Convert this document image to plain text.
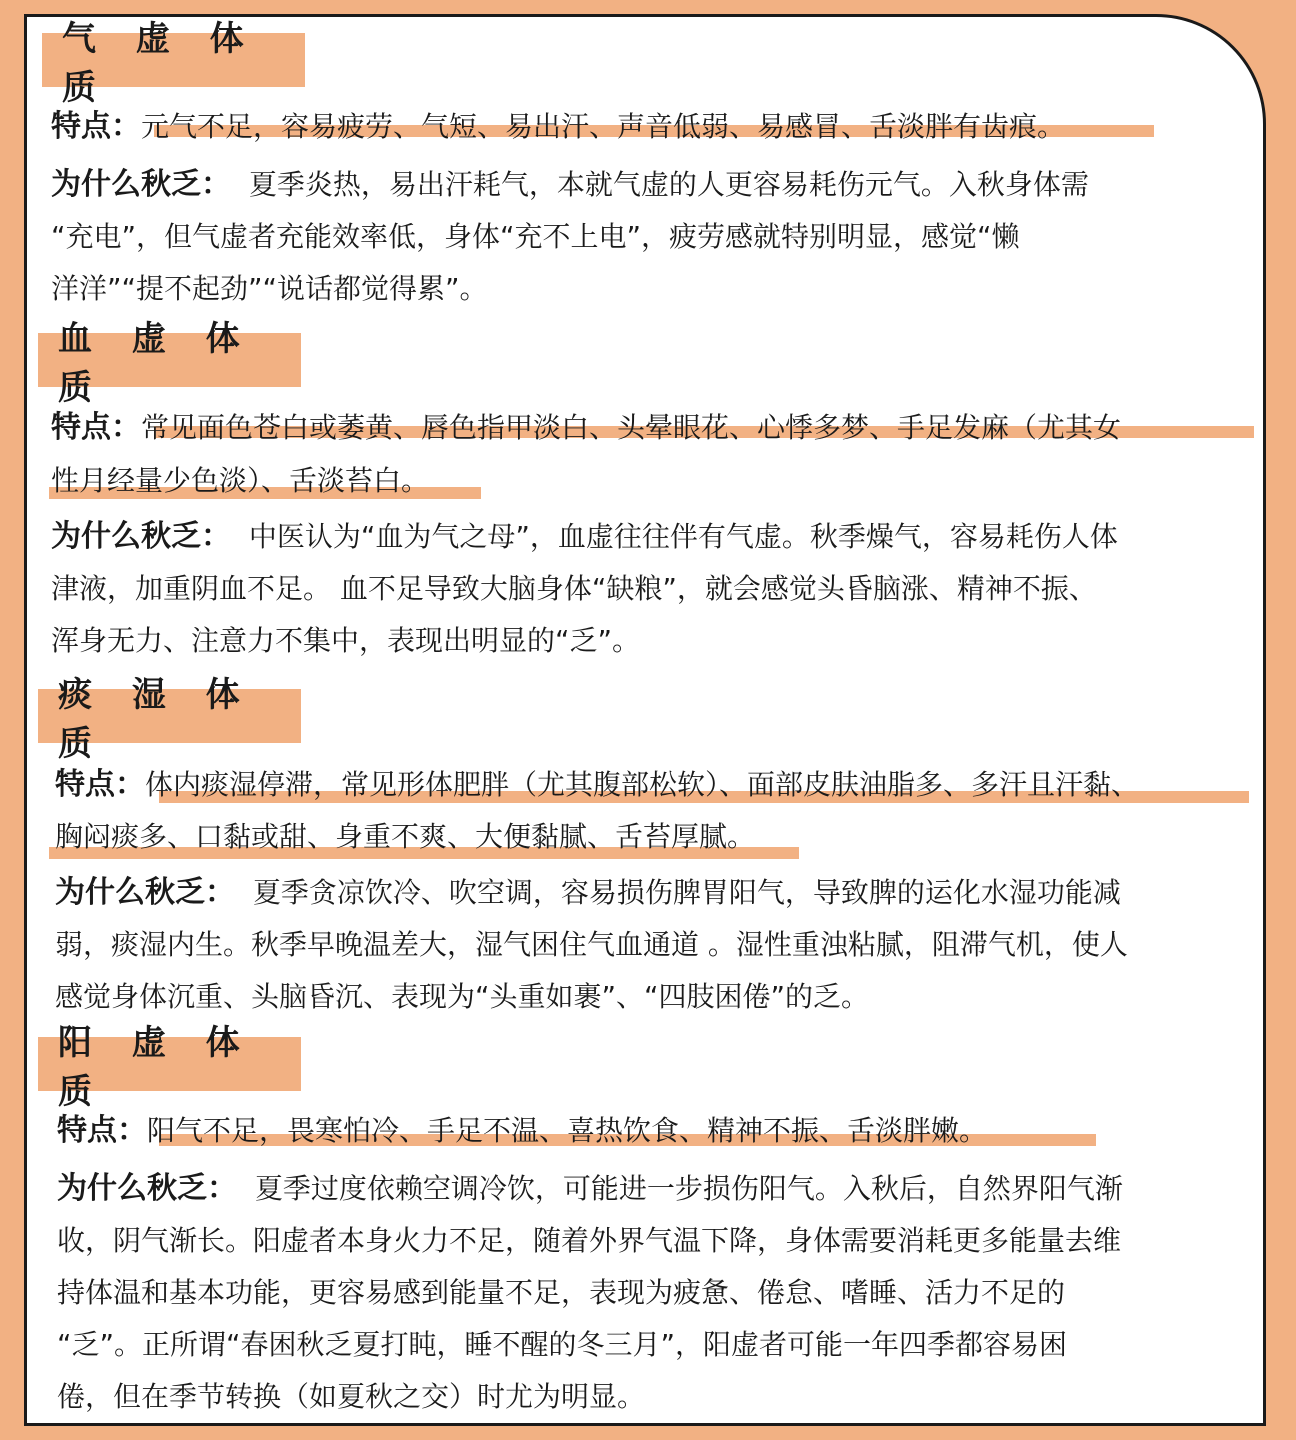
气 虚 体 质
特点：元气不足，容易疲劳、气短、易出汗、声音低弱、易感冒、舌淡胖有齿痕。
为什么秋乏： 夏季炎热，易出汗耗气，本就气虚的人更容易耗伤元气。入秋身体需
“充电”，但气虚者充能效率低，身体“充不上电”，疲劳感就特别明显，感觉“懒
洋洋”“提不起劲”“说话都觉得累”。
血 虚 体 质
特点：常见面色苍白或萎黄、唇色指甲淡白、头晕眼花、心悸多梦、手足发麻（尤其女
性月经量少色淡）、舌淡苔白。
为什么秋乏： 中医认为“血为气之母”，血虚往往伴有气虚。秋季燥气，容易耗伤人体
津液，加重阴血不足。 血不足导致大脑身体“缺粮”，就会感觉头昏脑涨、精神不振、
浑身无力、注意力不集中，表现出明显的“乏”。
痰 湿 体 质
特点：体内痰湿停滞，常见形体肥胖（尤其腹部松软）、面部皮肤油脂多、多汗且汗黏、
胸闷痰多、口黏或甜、身重不爽、大便黏腻、舌苔厚腻。
为什么秋乏： 夏季贪凉饮冷、吹空调，容易损伤脾胃阳气，导致脾的运化水湿功能减
弱，痰湿内生。秋季早晚温差大，湿气困住气血通道 。湿性重浊粘腻，阻滞气机，使人
感觉身体沉重、头脑昏沉、表现为“头重如裹”、“四肢困倦”的乏。
阳 虚 体 质
特点：阳气不足，畏寒怕冷、手足不温、喜热饮食、精神不振、舌淡胖嫩。
为什么秋乏： 夏季过度依赖空调冷饮，可能进一步损伤阳气。入秋后，自然界阳气渐
收，阴气渐长。阳虚者本身火力不足，随着外界气温下降，身体需要消耗更多能量去维
持体温和基本功能，更容易感到能量不足，表现为疲惫、倦怠、嗜睡、活力不足的
“乏”。正所谓“春困秋乏夏打盹，睡不醒的冬三月”，阳虚者可能一年四季都容易困
倦，但在季节转换（如夏秋之交）时尤为明显。
